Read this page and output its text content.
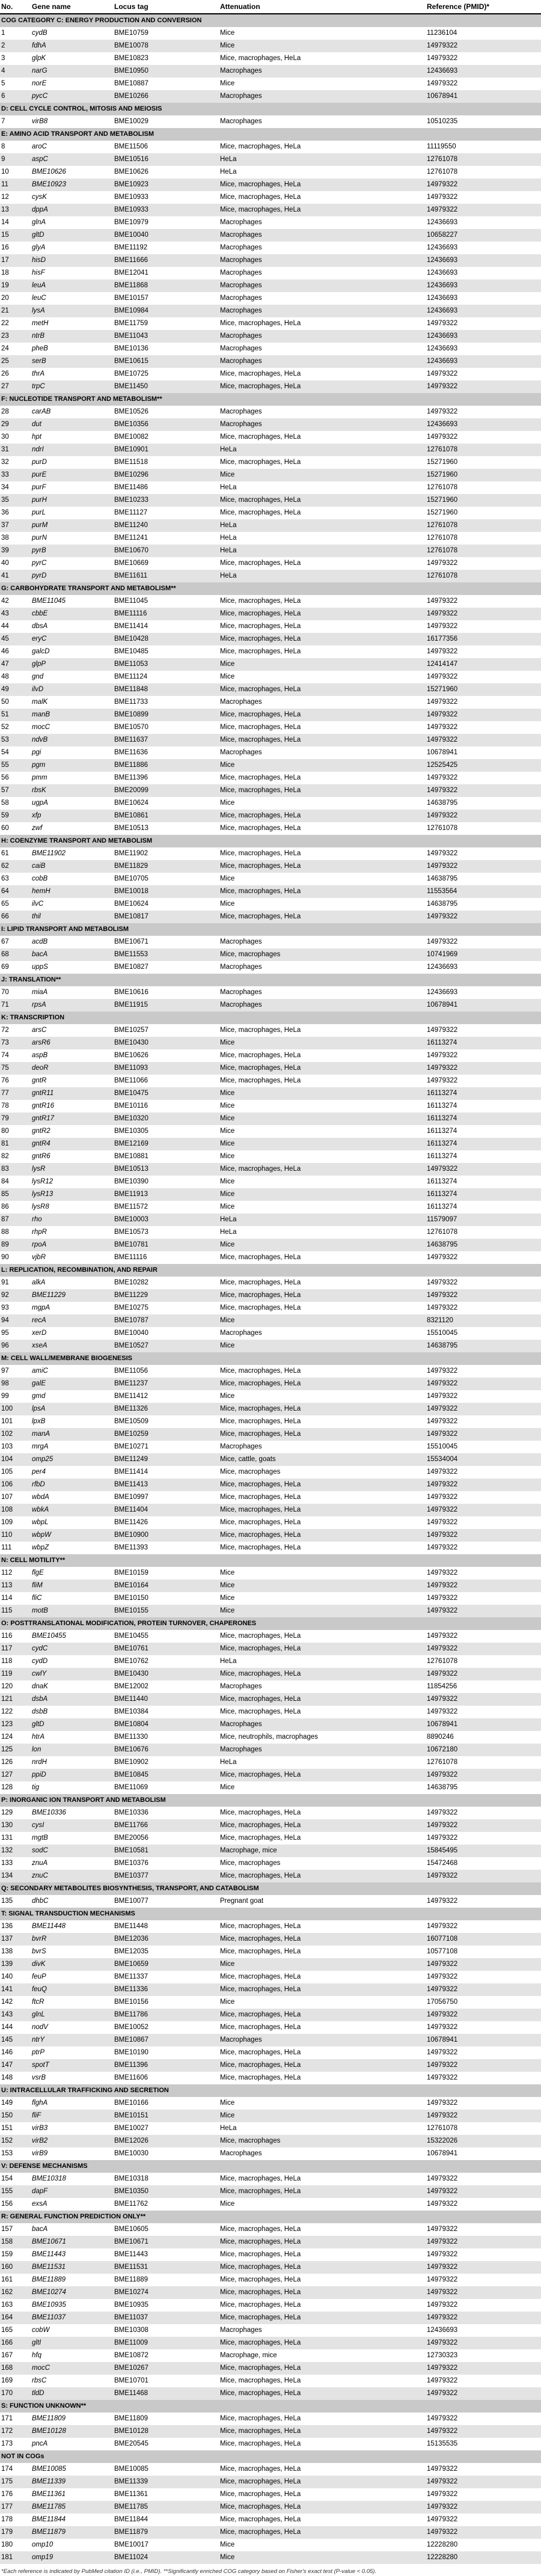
No.	Gene name	Locus tag	Attenuation	Reference (PMID)*
COG CATEGORY C: ENERGY PRODUCTION AND CONVERSION
1	cydB	BME10759	Mice	11236104
2	fdhA	BME10078	Mice	14979322
3	glpK	BME10823	Mice, macrophages, HeLa	14979322
4	narG	BME10950	Macrophages	12436693
5	norE	BME10887	Mice	14979322
6	pycC	BME10266	Macrophages	10678941
D: CELL CYCLE CONTROL, MITOSIS AND MEIOSIS
7	virB8	BME10029	Macrophages	10510235
E: AMINO ACID TRANSPORT AND METABOLISM
8	aroC	BME11506	Mice, macrophages, HeLa	11119550
9	aspC	BME10516	HeLa	12761078
10	BME10626	BME10626	HeLa	12761078
11	BME10923	BME10923	Mice, macrophages, HeLa	14979322
12	cysK	BME10933	Mice, macrophages, HeLa	14979322
13	dppA	BME10933	Mice, macrophages, HeLa	14979322
14	glnA	BME10979	Macrophages	12436693
15	gltD	BME10040	Macrophages	10658227
16	glyA	BME11192	Macrophages	12436693
17	hisD	BME11666	Macrophages	12436693
18	hisF	BME12041	Macrophages	12436693
19	leuA	BME11868	Macrophages	12436693
20	leuC	BME10157	Macrophages	12436693
21	lysA	BME10984	Macrophages	12436693
22	metH	BME11759	Mice, macrophages, HeLa	14979322
23	ntrB	BME11043	Macrophages	12436693
24	pheB	BME10136	Macrophages	12436693
25	serB	BME10615	Macrophages	12436693
26	thrA	BME10725	Mice, macrophages, HeLa	14979322
27	trpC	BME11450	Mice, macrophages, HeLa	14979322
F: NUCLEOTIDE TRANSPORT AND METABOLISM**
28	carAB	BME10526	Macrophages	14979322
29	dut	BME10356	Macrophages	12436693
30	hpt	BME10082	Mice, macrophages, HeLa	14979322
31	ndrI	BME10901	HeLa	12761078
32	purD	BME11518	Mice, macrophages, HeLa	15271960
33	purE	BME10296	Mice	15271960
34	purF	BME11486	HeLa	12761078
35	purH	BME10233	Mice, macrophages, HeLa	15271960
36	purL	BME11127	Mice, macrophages, HeLa	15271960
37	purM	BME11240	HeLa	12761078
38	purN	BME11241	HeLa	12761078
39	pyrB	BME10670	HeLa	12761078
40	pyrC	BME10669	Mice, macrophages, HeLa	14979322
41	pyrD	BME11611	HeLa	12761078
G: CARBOHYDRATE TRANSPORT AND METABOLISM**
42	BME11045	BME11045	Mice, macrophages, HeLa	14979322
43	cbbE	BME11116	Mice, macrophages, HeLa	14979322
44	dbsA	BME11414	Mice, macrophages, HeLa	14979322
45	eryC	BME10428	Mice, macrophages, HeLa	16177356
46	galcD	BME10485	Mice, macrophages, HeLa	14979322
47	glpP	BME11053	Mice	12414147
48	gnd	BME11124	Mice	14979322
49	ilvD	BME11848	Mice, macrophages, HeLa	15271960
50	malK	BME11733	Macrophages	14979322
51	manB	BME10899	Mice, macrophages, HeLa	14979322
52	mocC	BME10570	Mice, macrophages, HeLa	14979322
53	ndvB	BME11637	Mice, macrophages, HeLa	14979322
54	pgi	BME11636	Macrophages	10678941
55	pgm	BME11886	Mice	12525425
56	pmm	BME11396	Mice, macrophages, HeLa	14979322
57	rbsK	BME20099	Mice, macrophages, HeLa	14979322
58	ugpA	BME10624	Mice	14638795
59	xfp	BME10861	Mice, macrophages, HeLa	14979322
60	zwf	BME10513	Mice, macrophages, HeLa	12761078
H: COENZYME TRANSPORT AND METABOLISM
61	BME11902	BME11902	Mice, macrophages, HeLa	14979322
62	caiB	BME11829	Mice, macrophages, HeLa	14979322
63	cobB	BME10705	Mice	14638795
64	hemH	BME10018	Mice, macrophages, HeLa	11553564
65	ilvC	BME10624	Mice	14638795
66	thil	BME10817	Mice, macrophages, HeLa	14979322
I: LIPID TRANSPORT AND METABOLISM
67	acdB	BME10671	Macrophages	14979322
68	bacA	BME11553	Mice, macrophages	10741969
69	uppS	BME10827	Macrophages	12436693
J: TRANSLATION**
70	miaA	BME10616	Macrophages	12436693
71	rpsA	BME11915	Macrophages	10678941
K: TRANSCRIPTION
72	arsC	BME10257	Mice, macrophages, HeLa	14979322
73	arsR6	BME10430	Mice	16113274
74	aspB	BME10626	Mice, macrophages, HeLa	14979322
75	deoR	BME11093	Mice, macrophages, HeLa	14979322
76	gntR	BME11066	Mice, macrophages, HeLa	14979322
77	gntR11	BME10475	Mice	16113274
78	gntR16	BME10116	Mice	16113274
79	gntR17	BME10320	Mice	16113274
80	gntR2	BME10305	Mice	16113274
81	gntR4	BME12169	Mice	16113274
82	gntR6	BME10881	Mice	16113274
83	lysR	BME10513	Mice, macrophages, HeLa	14979322
84	lysR12	BME10390	Mice	16113274
85	lysR13	BME11913	Mice	16113274
86	lysR8	BME11572	Mice	16113274
87	rho	BME10003	HeLa	11579097
88	rhpR	BME10573	HeLa	12761078
89	rpoA	BME10781	Mice	14638795
90	vjbR	BME11116	Mice, macrophages, HeLa	14979322
L: REPLICATION, RECOMBINATION, AND REPAIR
91	alkA	BME10282	Mice, macrophages, HeLa	14979322
92	BME11229	BME11229	Mice, macrophages, HeLa	14979322
93	mgpA	BME10275	Mice, macrophages, HeLa	14979322
94	recA	BME10787	Mice	8321120
95	xerD	BME10040	Macrophages	15510045
96	xseA	BME10527	Mice	14638795
M: CELL WALL/MEMBRANE BIOGENESIS
97	amiC	BME11056	Mice, macrophages, HeLa	14979322
98	galE	BME11237	Mice, macrophages, HeLa	14979322
99	gmd	BME11412	Mice	14979322
100	lpsA	BME11326	Mice, macrophages, HeLa	14979322
101	lpxB	BME10509	Mice, macrophages, HeLa	14979322
102	manA	BME10259	Mice, macrophages, HeLa	14979322
103	mrgA	BME10271	Macrophages	15510045
104	omp25	BME11249	Mice, cattle, goats	15534004
105	per4	BME11414	Mice, macrophages	14979322
106	rfbD	BME11413	Mice, macrophages, HeLa	14979322
107	wbdA	BME10997	Mice, macrophages, HeLa	14979322
108	wbkA	BME11404	Mice, macrophages, HeLa	14979322
109	wbpL	BME11426	Mice, macrophages, HeLa	14979322
110	wbpW	BME10900	Mice, macrophages, HeLa	14979322
111	wbpZ	BME11393	Mice, macrophages, HeLa	14979322
N: CELL MOTILITY**
112	flgE	BME10159	Mice	14979322
113	fliM	BME10164	Mice	14979322
114	fliC	BME10150	Mice	14979322
115	motB	BME10155	Mice	14979322
O: POSTTRANSLATIONAL MODIFICATION, PROTEIN TURNOVER, CHAPERONES
116	BME10455	BME10455	Mice, macrophages, HeLa	14979322
117	cydC	BME10761	Mice, macrophages, HeLa	14979322
118	cydD	BME10762	HeLa	12761078
119	cwlY	BME10430	Mice, macrophages, HeLa	14979322
120	dnaK	BME12002	Macrophages	11854256
121	dsbA	BME11440	Mice, macrophages, HeLa	14979322
122	dsbB	BME10384	Mice, macrophages, HeLa	14979322
123	gltD	BME10804	Macrophages	10678941
124	htrA	BME11330	Mice, neutrophils, macrophages	8890246
125	lon	BME10676	Macrophages	10672180
126	nrdH	BME10902	HeLa	12761078
127	ppiD	BME10845	Mice, macrophages, HeLa	14979322
128	tig	BME11069	Mice	14638795
P: INORGANIC ION TRANSPORT AND METABOLISM
129	BME10336	BME10336	Mice, macrophages, HeLa	14979322
130	cysI	BME11766	Mice, macrophages, HeLa	14979322
131	mgtB	BME20056	Mice, macrophages, HeLa	14979322
132	sodC	BME10581	Macrophage, mice	15845495
133	znuA	BME10376	Mice, macrophages	15472468
134	znuC	BME10377	Mice, macrophages, HeLa	14979322
Q: SECONDARY METABOLITES BIOSYNTHESIS, TRANSPORT, AND CATABOLISM
135	dhbC	BME10077	Pregnant goat	14979322
T: SIGNAL TRANSDUCTION MECHANISMS
136	BME11448	BME11448	Mice, macrophages, HeLa	14979322
137	bvrR	BME12036	Mice, macrophages, HeLa	16077108
138	bvrS	BME12035	Mice, macrophages, HeLa	10577108
139	divK	BME10659	Mice	14979322
140	feuP	BME11337	Mice, macrophages, HeLa	14979322
141	feuQ	BME11336	Mice, macrophages, HeLa	14979322
142	ftcR	BME10156	Mice	17056750
143	glnL	BME11786	Mice, macrophages, HeLa	14979322
144	nodV	BME10052	Mice, macrophages, HeLa	14979322
145	ntrY	BME10867	Macrophages	10678941
146	ptrP	BME10190	Mice, macrophages, HeLa	14979322
147	spotT	BME11396	Mice, macrophages, HeLa	14979322
148	vsrB	BME11606	Mice, macrophages, HeLa	14979322
U: INTRACELLULAR TRAFFICKING AND SECRETION
149	flghA	BME10166	Mice	14979322
150	fliF	BME10151	Mice	14979322
151	virB3	BME10027	HeLa	12761078
152	virB2	BME12026	Mice, macrophages	15322026
153	virB9	BME10030	Macrophages	10678941
V: DEFENSE MECHANISMS
154	BME10318	BME10318	Mice, macrophages, HeLa	14979322
155	dapF	BME10350	Mice, macrophages, HeLa	14979322
156	exsA	BME11762	Mice	14979322
R: GENERAL FUNCTION PREDICTION ONLY**
157	bacA	BME10605	Mice, macrophages, HeLa	14979322
158	BME10671	BME10671	Mice, macrophages, HeLa	14979322
159	BME11443	BME11443	Mice, macrophages, HeLa	14979322
160	BME11531	BME11531	Mice, macrophages, HeLa	14979322
161	BME11889	BME11889	Mice, macrophages, HeLa	14979322
162	BME10274	BME10274	Mice, macrophages, HeLa	14979322
163	BME10935	BME10935	Mice, macrophages, HeLa	14979322
164	BME11037	BME11037	Mice, macrophages, HeLa	14979322
165	cobW	BME10308	Macrophages	12436693
166	gltI	BME11009	Mice, macrophages, HeLa	14979322
167	hfq	BME10872	Macrophage, mice	12730323
168	mocC	BME10267	Mice, macrophages, HeLa	14979322
169	rbsC	BME10701	Mice, macrophages, HeLa	14979322
170	tldD	BME11468	Mice, macrophages, HeLa	14979322
S: FUNCTION UNKNOWN**
171	BME11809	BME11809	Mice, macrophages, HeLa	14979322
172	BME10128	BME10128	Mice, macrophages, HeLa	14979322
173	pncA	BME20545	Mice, macrophages, HeLa	15135535
NOT IN COGs
174	BME10085	BME10085	Mice, macrophages, HeLa	14979322
175	BME11339	BME11339	Mice, macrophages, HeLa	14979322
176	BME11361	BME11361	Mice, macrophages, HeLa	14979322
177	BME11785	BME11785	Mice, macrophages, HeLa	14979322
178	BME11844	BME11844	Mice, macrophages, HeLa	14979322
179	BME11879	BME11879	Mice, macrophages, HeLa	14979322
180	omp10	BME10017	Mice	12228280
181	omp19	BME11024	Mice	12228280
*Each reference is indicated by PubMed citation ID (i.e., PMID). **Significantly enriched COG category based on Fisher's exact test (P-value < 0.05).
